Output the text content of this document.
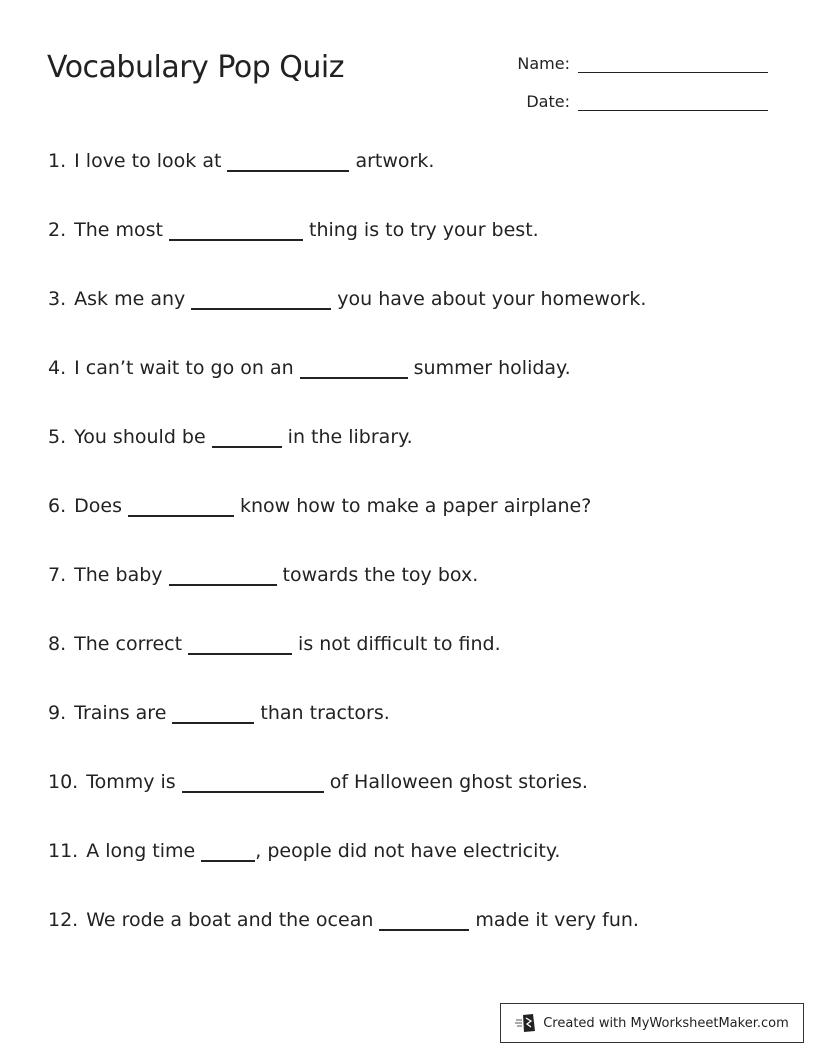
Vocabulary Pop Quiz	Name:
Date:
1. I love to look at	artwork.
2. The most	thing is to try your best.
3. Ask me any	you have about your homework.
4. I can’t wait to go on an	summer holiday.
5. You should be	in the library.
6. Does	know how to make a paper airplane?
7. The baby	towards the toy box.
8. The correct	is not difficult to find.
9. Trains are	than tractors.
10. Tommy is	of Halloween ghost stories.
11. A long time	, people did not have electricity.
12. We rode a boat and the ocean	made it very fun.
Created with MyWorksheetMaker.com
